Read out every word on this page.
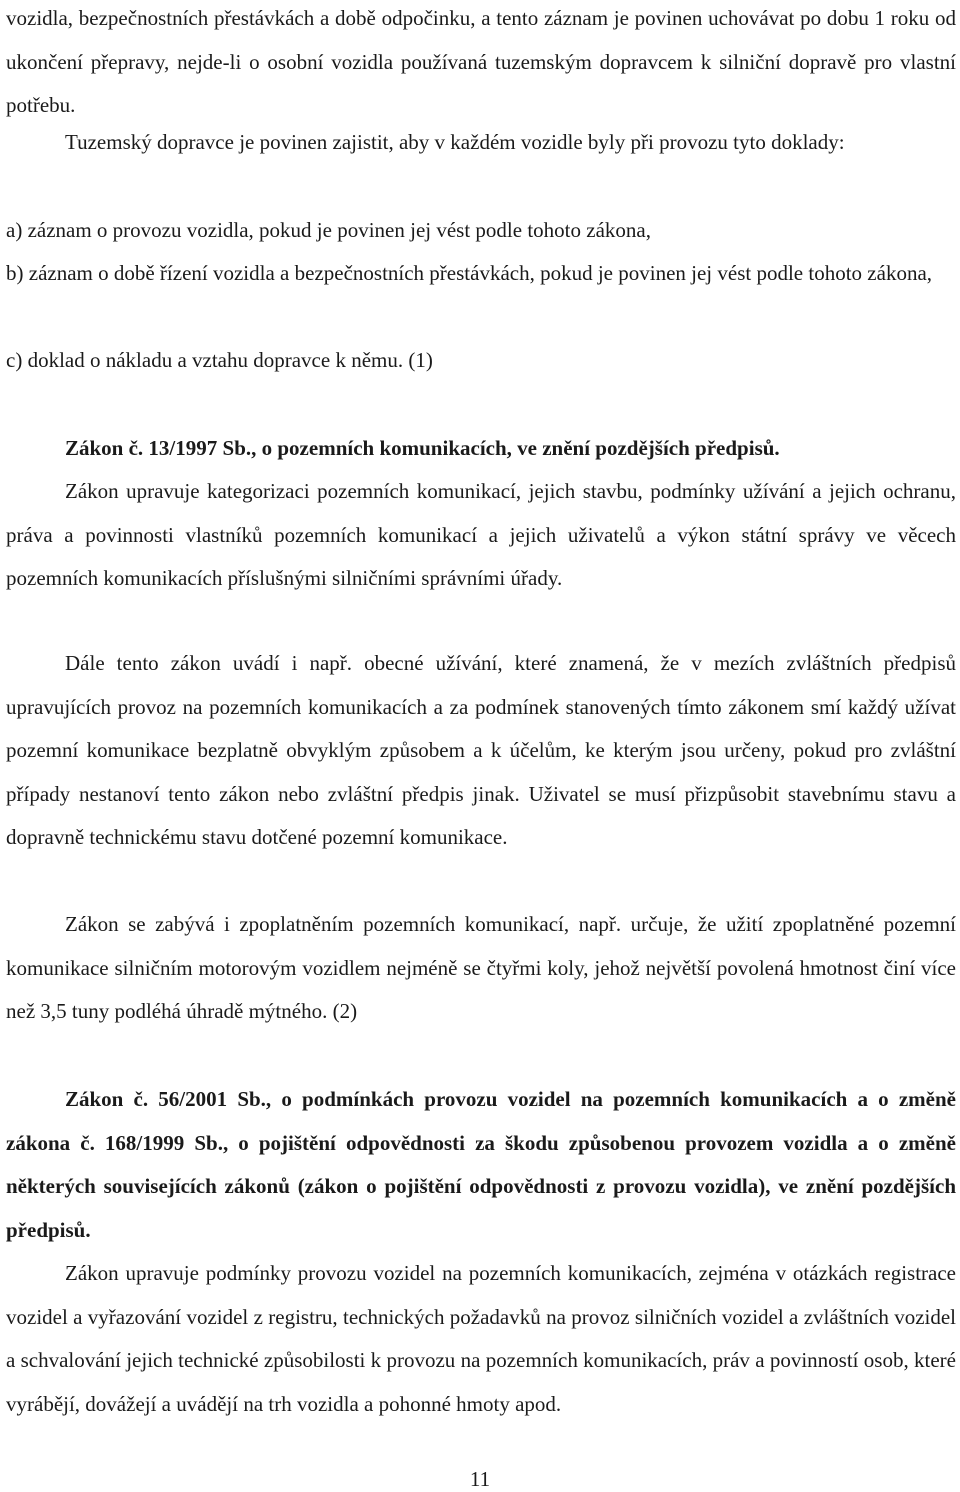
vozidla, bezpečnostních přestávkách a době odpočinku, a tento záznam je povinen uchovávat po dobu 1 roku od ukončení přepravy, nejde-li o osobní vozidla používaná tuzemským dopravcem k silniční dopravě pro vlastní potřebu.

Tuzemský dopravce je povinen zajistit, aby v každém vozidle byly při provozu tyto doklady:

a) záznam o provozu vozidla, pokud je povinen jej vést podle tohoto zákona,

b) záznam o době řízení vozidla a bezpečnostních přestávkách, pokud je povinen jej vést podle tohoto zákona,

c) doklad o nákladu a vztahu dopravce k němu. (1)

Zákon č. 13/1997 Sb., o pozemních komunikacích, ve znění pozdějších předpisů.

Zákon upravuje kategorizaci pozemních komunikací, jejich stavbu, podmínky užívání a jejich ochranu, práva a povinnosti vlastníků pozemních komunikací a jejich uživatelů a výkon státní správy ve věcech pozemních komunikacích příslušnými silničními správními úřady.

Dále tento zákon uvádí i např. obecné užívání, které znamená, že v mezích zvláštních předpisů upravujících provoz na pozemních komunikacích a za podmínek stanovených tímto zákonem smí každý užívat pozemní komunikace bezplatně obvyklým způsobem a k účelům, ke kterým jsou určeny, pokud pro zvláštní případy nestanoví tento zákon nebo zvláštní předpis jinak. Uživatel se musí přizpůsobit stavebnímu stavu a dopravně technickému stavu dotčené pozemní komunikace.

Zákon se zabývá i zpoplatněním pozemních komunikací, např. určuje, že užití zpoplatněné pozemní komunikace silničním motorovým vozidlem nejméně se čtyřmi koly, jehož největší povolená hmotnost činí více než 3,5 tuny podléhá úhradě mýtného. (2)

Zákon č. 56/2001 Sb., o podmínkách provozu vozidel na pozemních komunikacích a o změně zákona č. 168/1999 Sb., o pojištění odpovědnosti za škodu způsobenou provozem vozidla a o změně některých souvisejících zákonů (zákon o pojištění odpovědnosti z provozu vozidla), ve znění pozdějších předpisů.

Zákon upravuje podmínky provozu vozidel na pozemních komunikacích, zejména v otázkách registrace vozidel a vyřazování vozidel z registru, technických požadavků na provoz silničních vozidel a zvláštních vozidel a schvalování jejich technické způsobilosti k provozu na pozemních komunikacích, práv a povinností osob, které vyrábějí, dovážejí a uvádějí na trh vozidla a pohonné hmoty apod.

11
